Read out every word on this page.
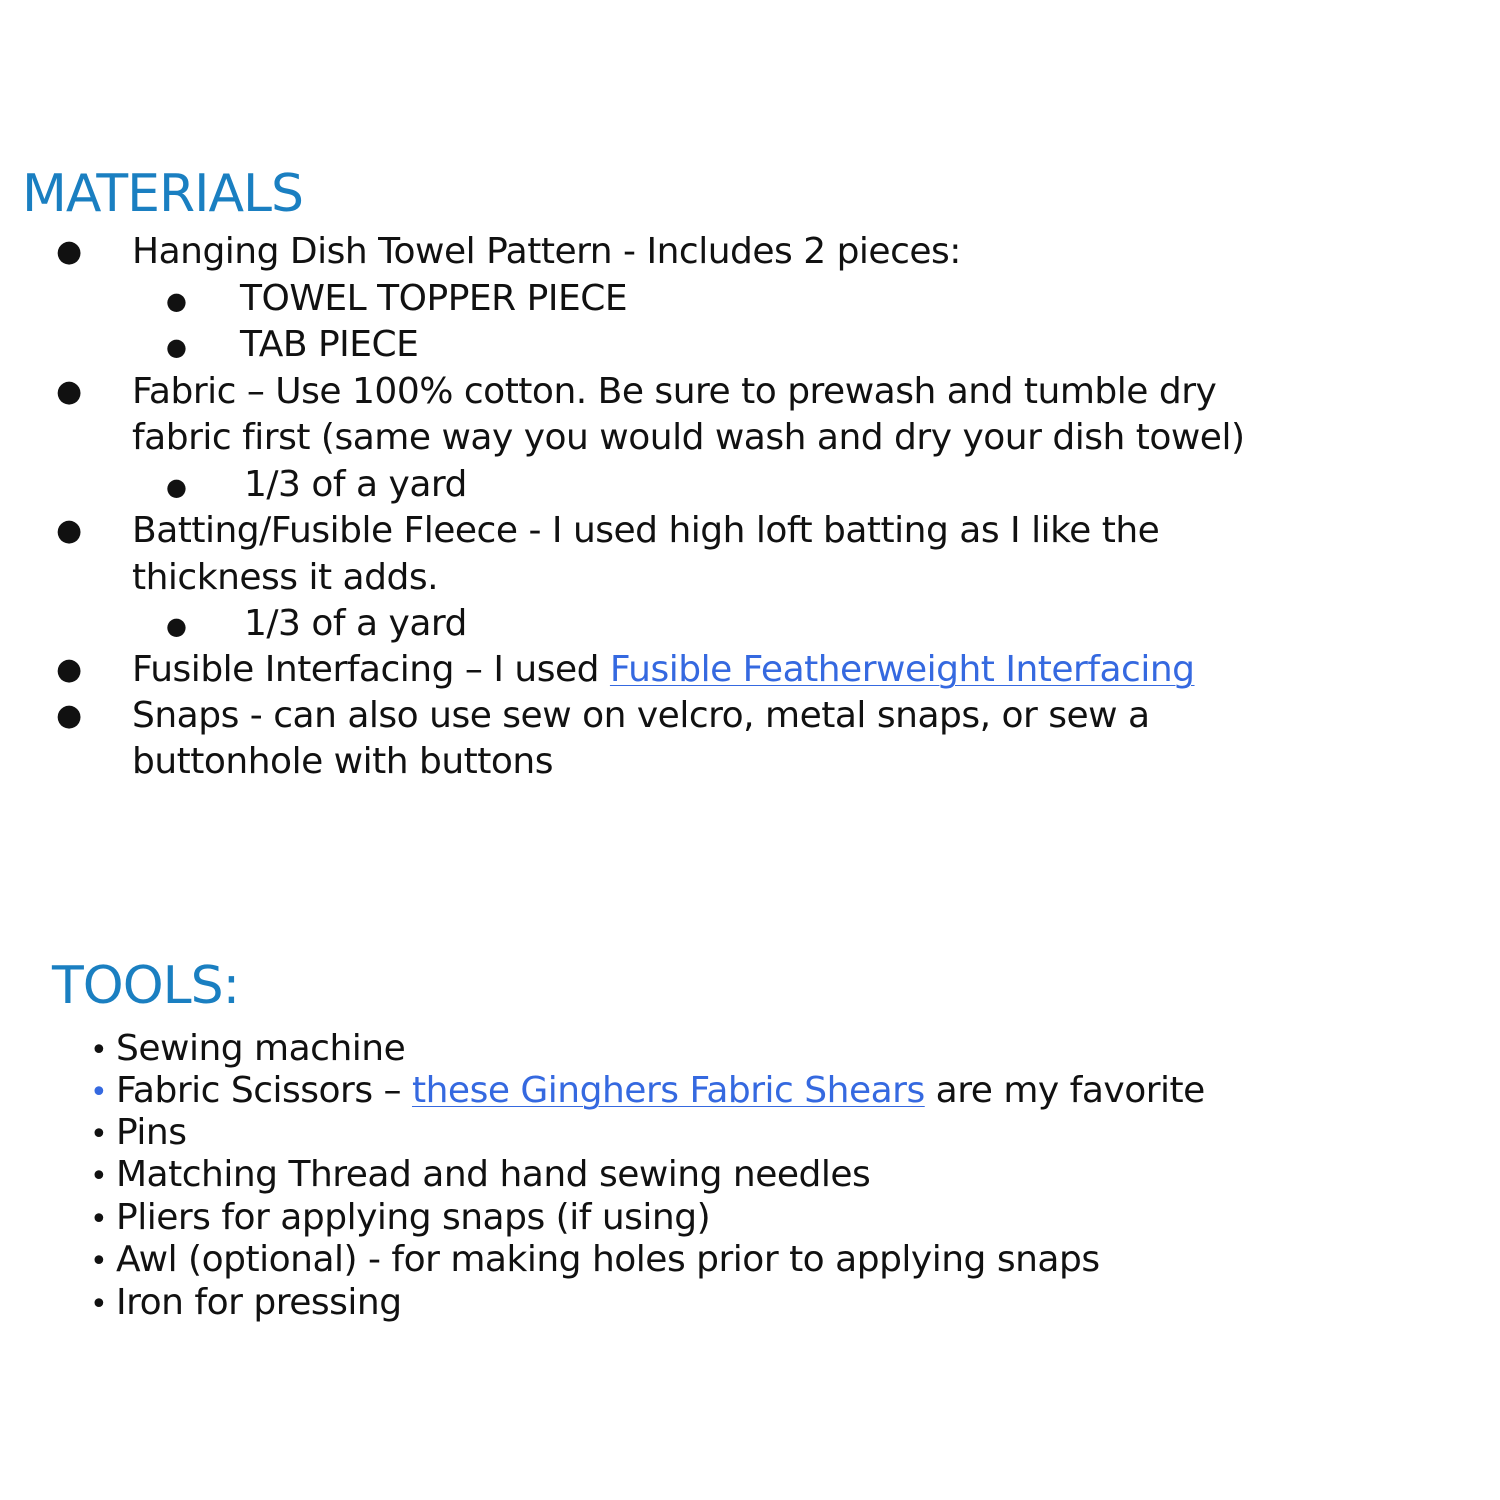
MATERIALS
● Hanging Dish Towel Pattern - Includes 2 pieces:
● TOWEL TOPPER PIECE
● TAB PIECE
● Fabric – Use 100% cotton. Be sure to prewash and tumble dry
fabric first (same way you would wash and dry your dish towel)
● 1/3 of a yard
● Batting/Fusible Fleece - I used high loft batting as I like the
thickness it adds.
● 1/3 of a yard
● Fusible Interfacing – I used Fusible Featherweight Interfacing
● Snaps - can also use sew on velcro, metal snaps, or sew a
buttonhole with buttons
TOOLS:
• Sewing machine
• Fabric Scissors – these Ginghers Fabric Shears are my favorite
• Pins
• Matching Thread and hand sewing needles
• Pliers for applying snaps (if using)
• Awl (optional) - for making holes prior to applying snaps
• Iron for pressing
